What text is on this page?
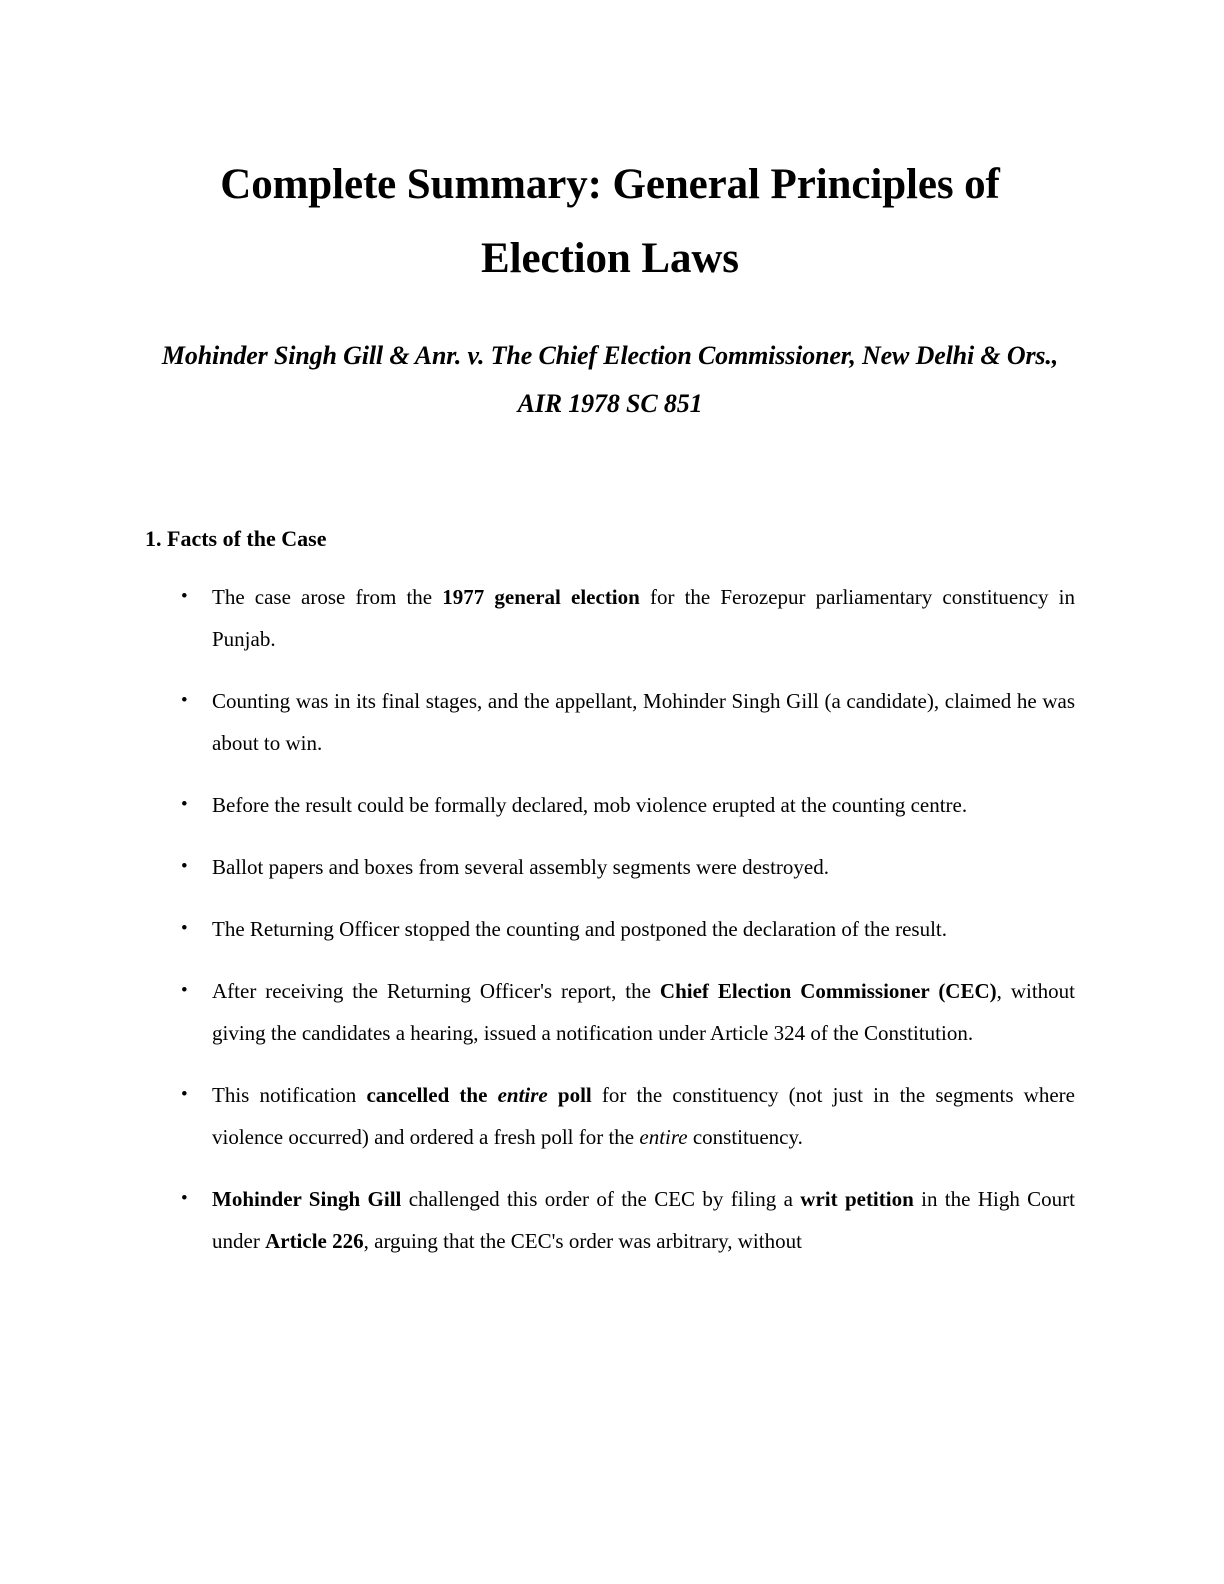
Complete Summary: General Principles of Election Laws
Mohinder Singh Gill & Anr. v. The Chief Election Commissioner, New Delhi & Ors., AIR 1978 SC 851
1. Facts of the Case
• The case arose from the 1977 general election for the Ferozepur parliamentary constituency in Punjab.
• Counting was in its final stages, and the appellant, Mohinder Singh Gill (a candidate), claimed he was about to win.
• Before the result could be formally declared, mob violence erupted at the counting centre.
• Ballot papers and boxes from several assembly segments were destroyed.
• The Returning Officer stopped the counting and postponed the declaration of the result.
• After receiving the Returning Officer's report, the Chief Election Commissioner (CEC), without giving the candidates a hearing, issued a notification under Article 324 of the Constitution.
• This notification cancelled the entire poll for the constituency (not just in the segments where violence occurred) and ordered a fresh poll for the entire constituency.
• Mohinder Singh Gill challenged this order of the CEC by filing a writ petition in the High Court under Article 226, arguing that the CEC's order was arbitrary, without
